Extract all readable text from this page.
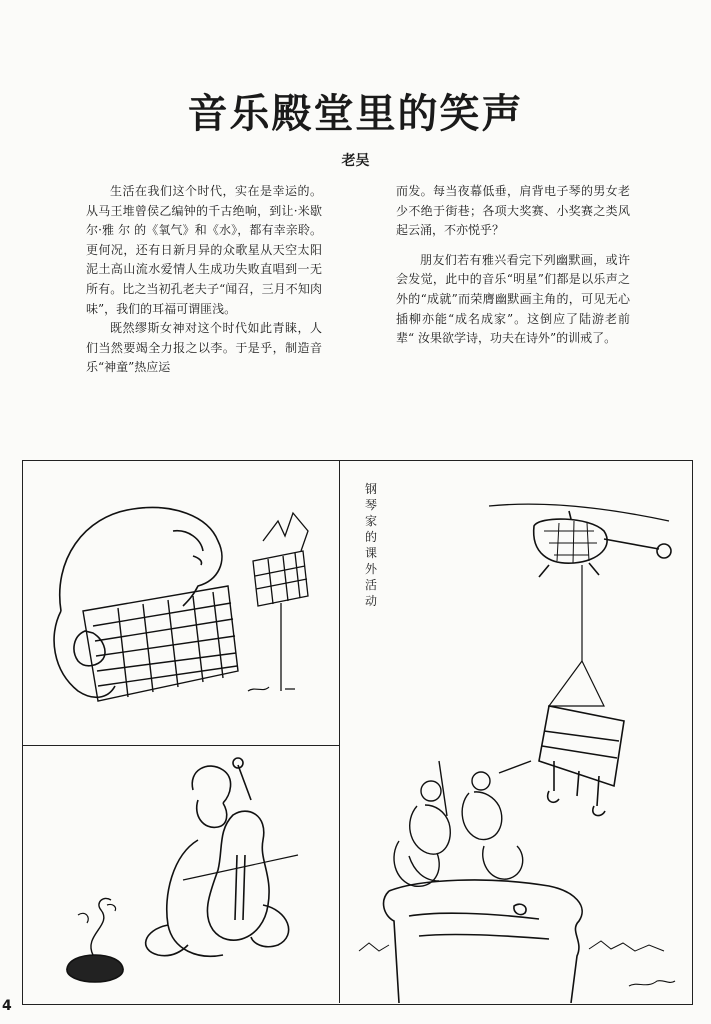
音乐殿堂里的笑声
老吴

生活在我们这个时代，实在是幸运的。从马王堆曾侯乙编钟的千古绝响，到让·米歇尔·雅 尔 的《氧气》和《水》，都有幸亲聆。更何况，还有日新月异的众歌星从天空太阳泥土高山流水爱情人生成功失败直唱到一无所有。比之当初孔老夫子“闻召，三月不知肉味”，我们的耳福可谓匪浅。

既然缪斯女神对这个时代如此青睐，人们当然要竭全力报之以李。于是乎，制造音乐“神童”热应运

而发。每当夜幕低垂，肩背电子琴的男女老少不绝于街巷；各项大奖赛、小奖赛之类风起云涌，不亦悦乎？

朋友们若有雅兴看完下列幽默画，或许会发觉，此中的音乐“明星”们都是以乐声之外的“成就”而荣膺幽默画主角的，可见无心插柳亦能“成名成家”。这倒应了陆游老前辈“ 汝果欲学诗，功夫在诗外”的训戒了。

钢琴家的课外活动
4
